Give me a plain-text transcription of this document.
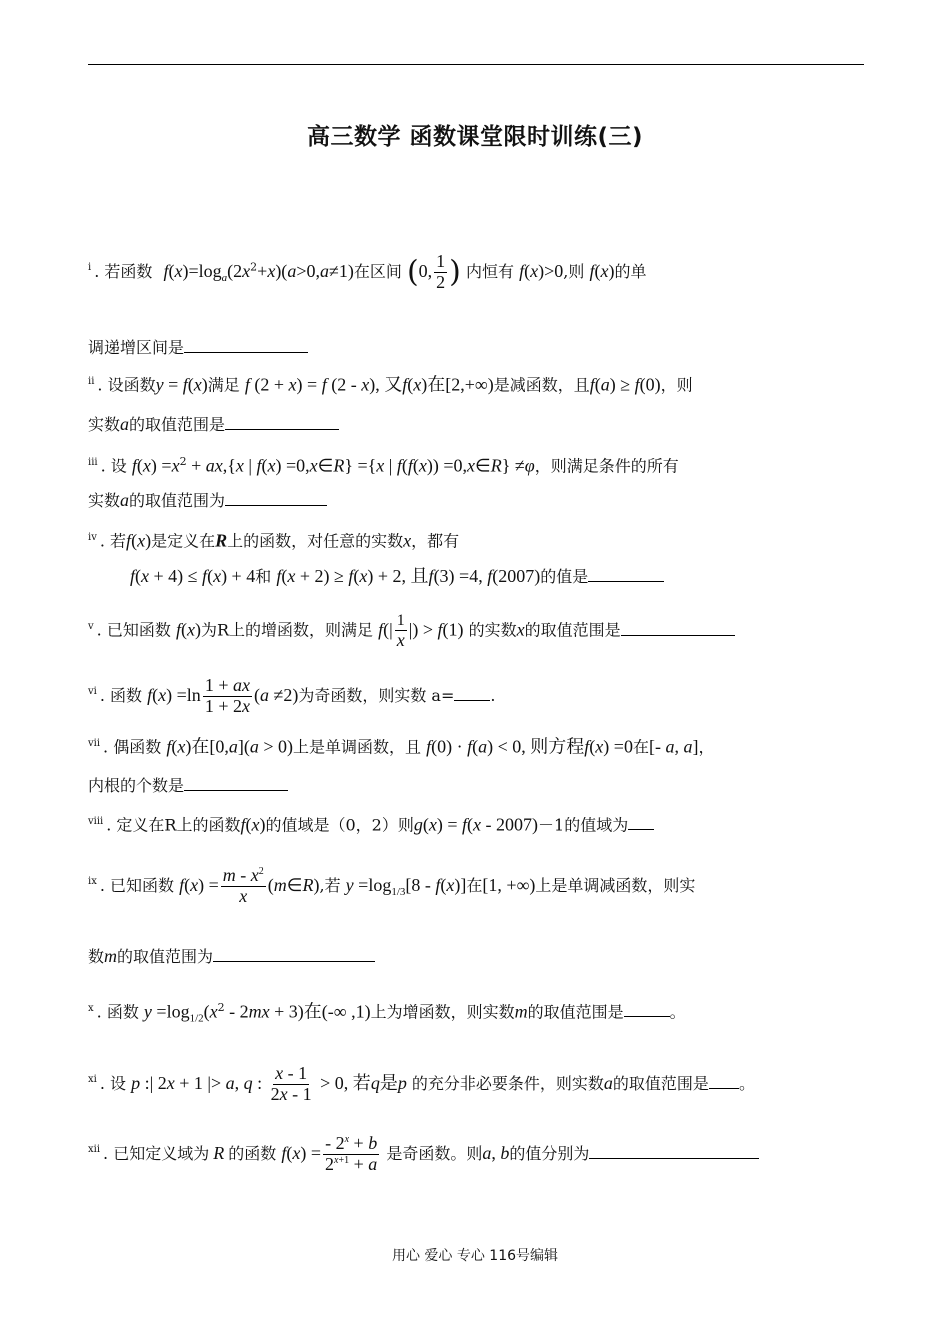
高三数学 函数课堂限时训练(三)
$^i$ . 若函数 $f(x)=\log_a(2x^2+x)(a>0,a\ne 1)$在区间 (0, $\frac{1}{2}$ ) 内恒有 f(x)>0,则 f(x)的单
调递增区间是
$^{ii}$ . 设函数y = f(x)满足 f (2 + x) = f (2 - x), 又f(x)在[2,+∞)是减函数，且f(a) ≥ f(0)，则
实数a的取值范围是
$^{iii}$ . 设 $f(x) =x^2 + ax,\{x$ | f(x) =0,x∈R} ={x | f(f(x)) =0,x∈R} ≠φ，则满足条件的所有
实数a的取值范围为
$^{iv}$ . 若f(x)是定义在R上的函数，对任意的实数x，都有
f(x + 4) ≤ f(x) + 4和 f(x + 2) ≥ f(x) + 2, 且f(3) =4, f(2007)的值是
$^v$ . 已知函数 f(x)为R上的增函数，则满足 $f(| \frac{1}{x}$ |) > f(1) 的实数x的取值范围是
$^{vi}$ . 函数 $f(x) =\ln \frac{1 + ax}{1 + 2x} (a \ne 2)$为奇函数，则实数 a= .
$^{vii}$ . 偶函数 f(x)在[0,a](a > 0)上是单调函数，且 f(0) · f(a) < 0, 则方程f(x) =0在[- a, a]，
内根的个数是
$^{viii}$ . 定义在R上的函数f(x)的值域是（0，2）则g(x) = f(x - 2007)－1的值域为
$^{ix}$ . 已知函数 $f(x) = \frac{m - x^2}{x}$ (m∈R),若 $y =\log_{1/3}[8 - f(x)]$在[1, +∞)上是单调减函数，则实
数m的取值范围为
$^x$ . 函数 $y =\log_{1/2}(x^2 - 2mx + 3)$在(-∞ ,1)上为增函数，则实数m的取值范围是	。
$^{xi}$ . 设 p :| 2x + 1 |> a, q : $\frac{x - 1}{2x - 1} > 0$, 若q是p 的充分非必要条件，则实数a的取值范围是 。
$^{xii}$ . 已知定义域为 R 的函数 $f(x) = \frac{- 2^x + b}{2^{x+1} + a}$ 是奇函数。则a, b的值分别为
用心 爱心 专心 116号编辑
